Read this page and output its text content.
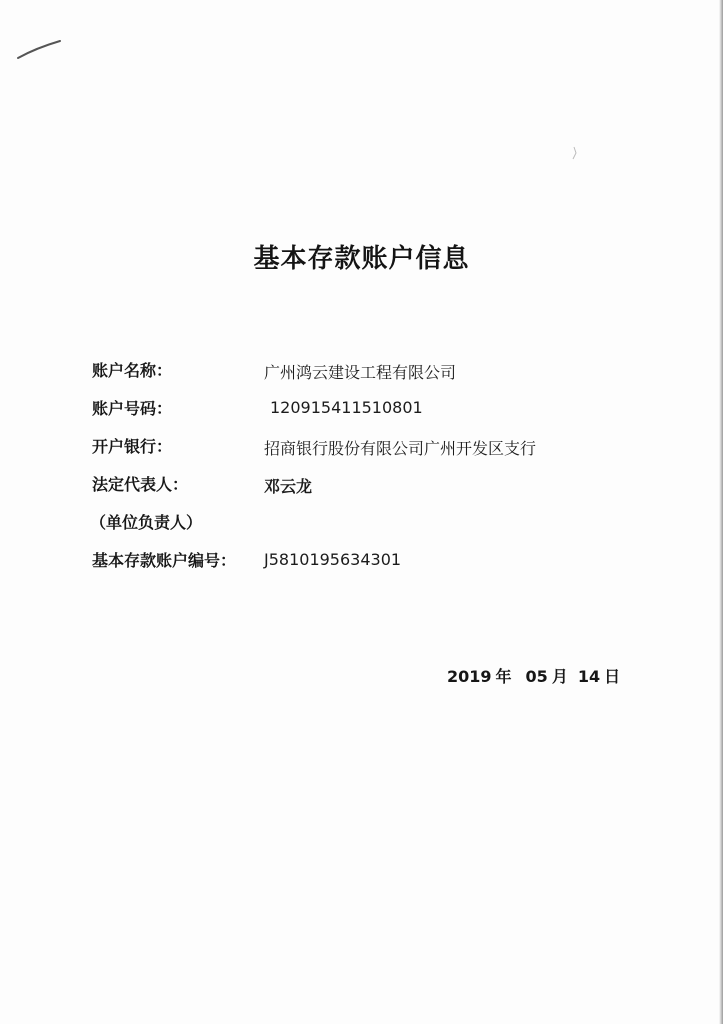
基本存款账户信息
账户名称：	广州鸿云建设工程有限公司
账户号码：	120915411510801
开户银行：	招商银行股份有限公司广州开发区支行
法定代表人：	邓云龙
（单位负责人）
基本存款账户编号： J5810195634301
2019 年 05 月 14 日
